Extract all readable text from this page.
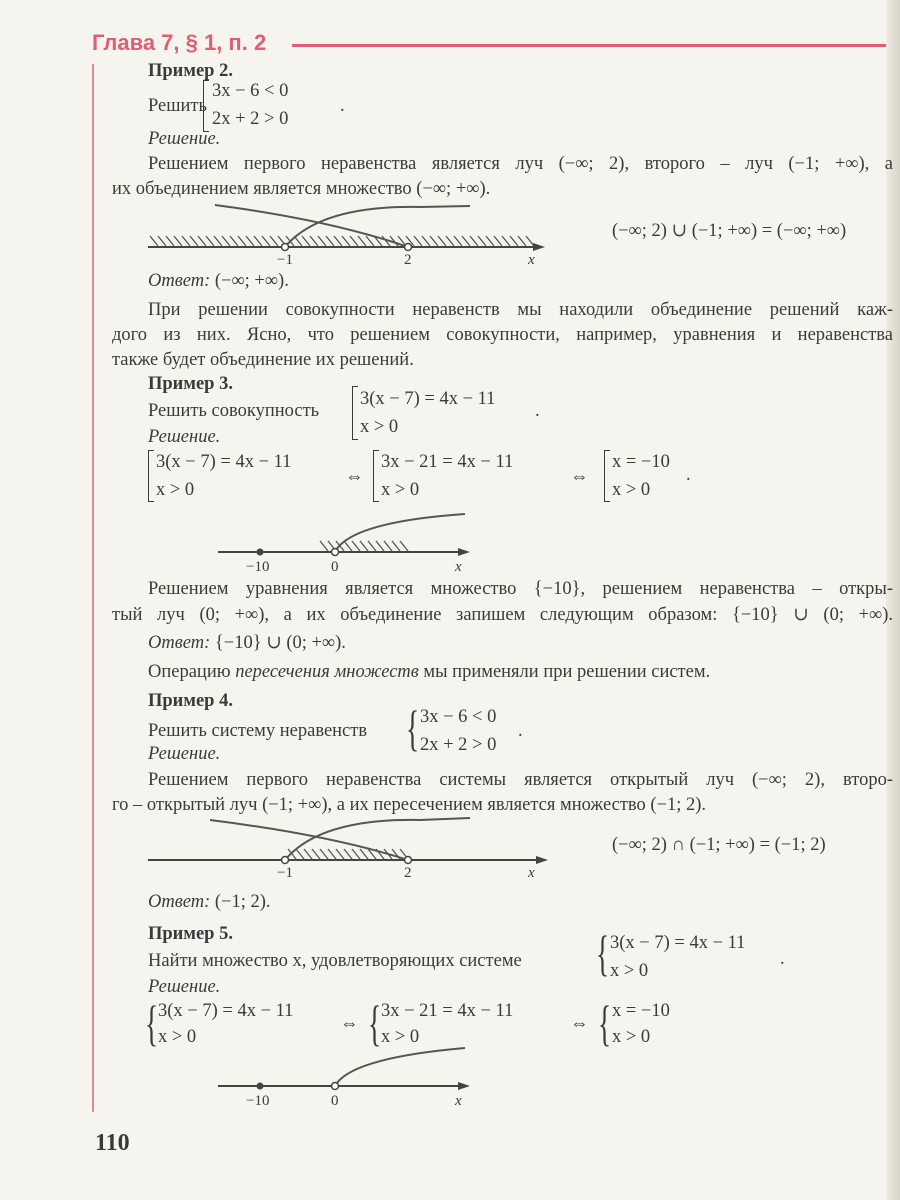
Глава 7, § 1, п. 2
Пример 2.
Решить
3x − 6 < 0
2x + 2 > 0
.
Решение.
Решением первого неравенства является луч (−∞; 2), второго – луч (−1; +∞), а
их объединением является множество (−∞; +∞).
−1	2	x
(−∞; 2) ∪ (−1; +∞) = (−∞; +∞)
Ответ: (−∞; +∞).
При решении совокупности неравенств мы находили объединение решений каж-
дого из них. Ясно, что решением совокупности, например, уравнения и неравенства
также будет объединение их решений.
Пример 3.
Решить совокупность
3(x − 7) = 4x − 11
x > 0
.
Решение.
3(x − 7) = 4x − 11
x > 0
⇔
3x − 21 = 4x − 11
x > 0
⇔
x = −10
x > 0
.
−10	0	x
Решением уравнения является множество {−10}, решением неравенства – откры-
тый луч (0; +∞), а их объединение запишем следующим образом: {−10} ∪ (0; +∞).
Ответ: {−10} ∪ (0; +∞).
Операцию пересечения множеств мы применяли при решении систем.
Пример 4.
Решить систему неравенств { 3x − 6 < 0
2x + 2 > 0
.
Решение.
Решением первого неравенства системы является открытый луч (−∞; 2), второ-
го – открытый луч (−1; +∞), а их пересечением является множество (−1; 2).
−1	2	x
(−∞; 2) ∩ (−1; +∞) = (−1; 2)
Ответ: (−1; 2).
Пример 5.
Найти множество x, удовлетворяющих системе { 3(x − 7) = 4x − 11
x > 0
.
Решение.
{ 3(x − 7) = 4x − 11
x > 0
⇔ { 3x − 21 = 4x − 11
x > 0
⇔ { x = −10
x > 0
−10	0	x
110
